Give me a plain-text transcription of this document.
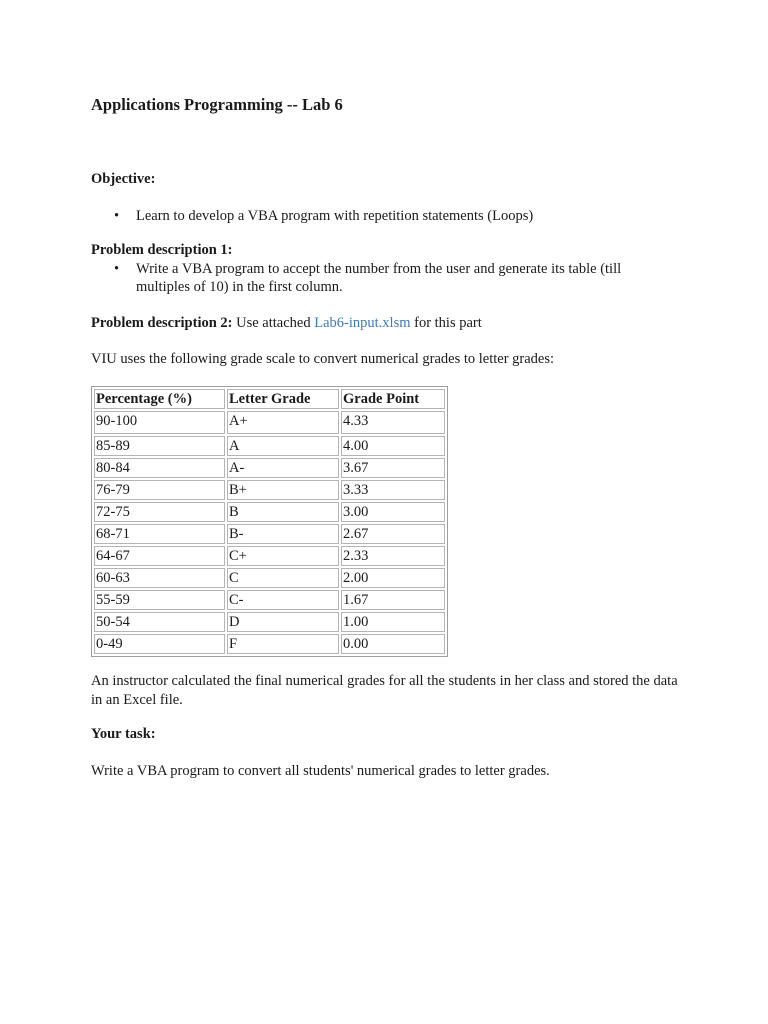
Applications Programming -- Lab 6

Objective:

• Learn to develop a VBA program with repetition statements (Loops)

Problem description 1:

• Write a VBA program to accept the number from the user and generate its table (till multiples of 10) in the first column.

Problem description 2: Use attached Lab6-input.xlsm for this part

VIU uses the following grade scale to convert numerical grades to letter grades:

Percentage (%)	Letter Grade	Grade Point
90-100	A+	4.33
85-89	A	4.00
80-84	A-	3.67
76-79	B+	3.33
72-75	B	3.00
68-71	B-	2.67
64-67	C+	2.33
60-63	C	2.00
55-59	C-	1.67
50-54	D	1.00
0-49	F	0.00

An instructor calculated the final numerical grades for all the students in her class and stored the data in an Excel file.

Your task:

Write a VBA program to convert all students' numerical grades to letter grades.
